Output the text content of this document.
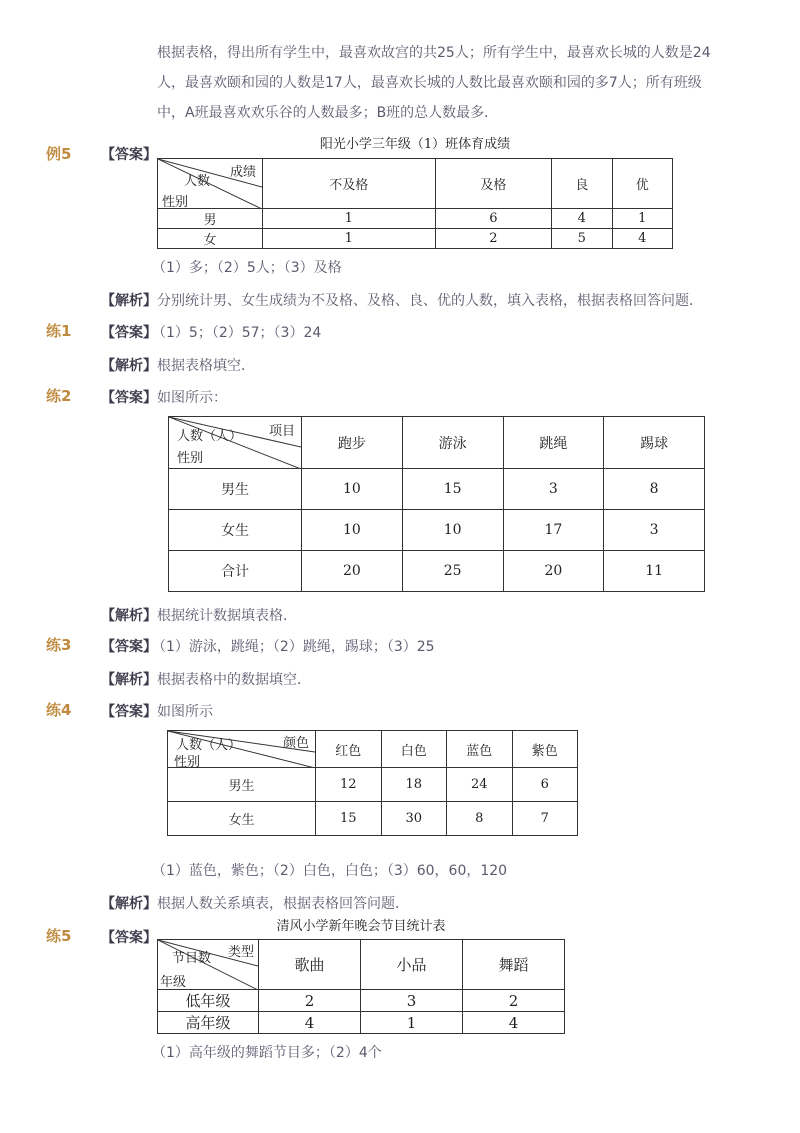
根据表格，得出所有学生中，最喜欢故宫的共25人；所有学生中，最喜欢长城的人数是24
人，最喜欢颐和园的人数是17人，最喜欢长城的人数比最喜欢颐和园的多7人；所有班级
中，A班最喜欢欢乐谷的人数最多；B班的总人数最多．
例5 【答案】
阳光小学三年级（1）班体育成绩
成绩
人数
性别	不及格	及格	良	优
男	1	6	4	1
女	1	2	5	4
（1）多；（2）5人；（3）及格
【解析】 分别统计男、女生成绩为不及格、及格、良、优的人数，填入表格，根据表格回答问题．
练1 【答案】
（1）5；（2）57；（3）24
【解析】 根据表格填空．
练2 【答案】 如图所示：
项目
人数（人）
性别	跑步	游泳	跳绳	踢球
男生	10	15	3	8
女生	10	10	17	3
合计	20	25	20	11
【解析】 根据统计数据填表格．
练3 【答案】
（1）游泳，跳绳；（2）跳绳，踢球；（3）25
【解析】 根据表格中的数据填空．
练4 【答案】 如图所示
颜色
人数（人）
性别	红色	白色	蓝色	紫色
男生	12	18	24	6
女生	15	30	8	7
（1）蓝色，紫色；（2）白色，白色；（3）60，60，120
【解析】 根据人数关系填表，根据表格回答问题．
练5 【答案】
清风小学新年晚会节目统计表
类型
节目数
年级	歌曲	小品	舞蹈
低年级	2	3	2
高年级	4	1	4
（1）高年级的舞蹈节目多；（2）4个
